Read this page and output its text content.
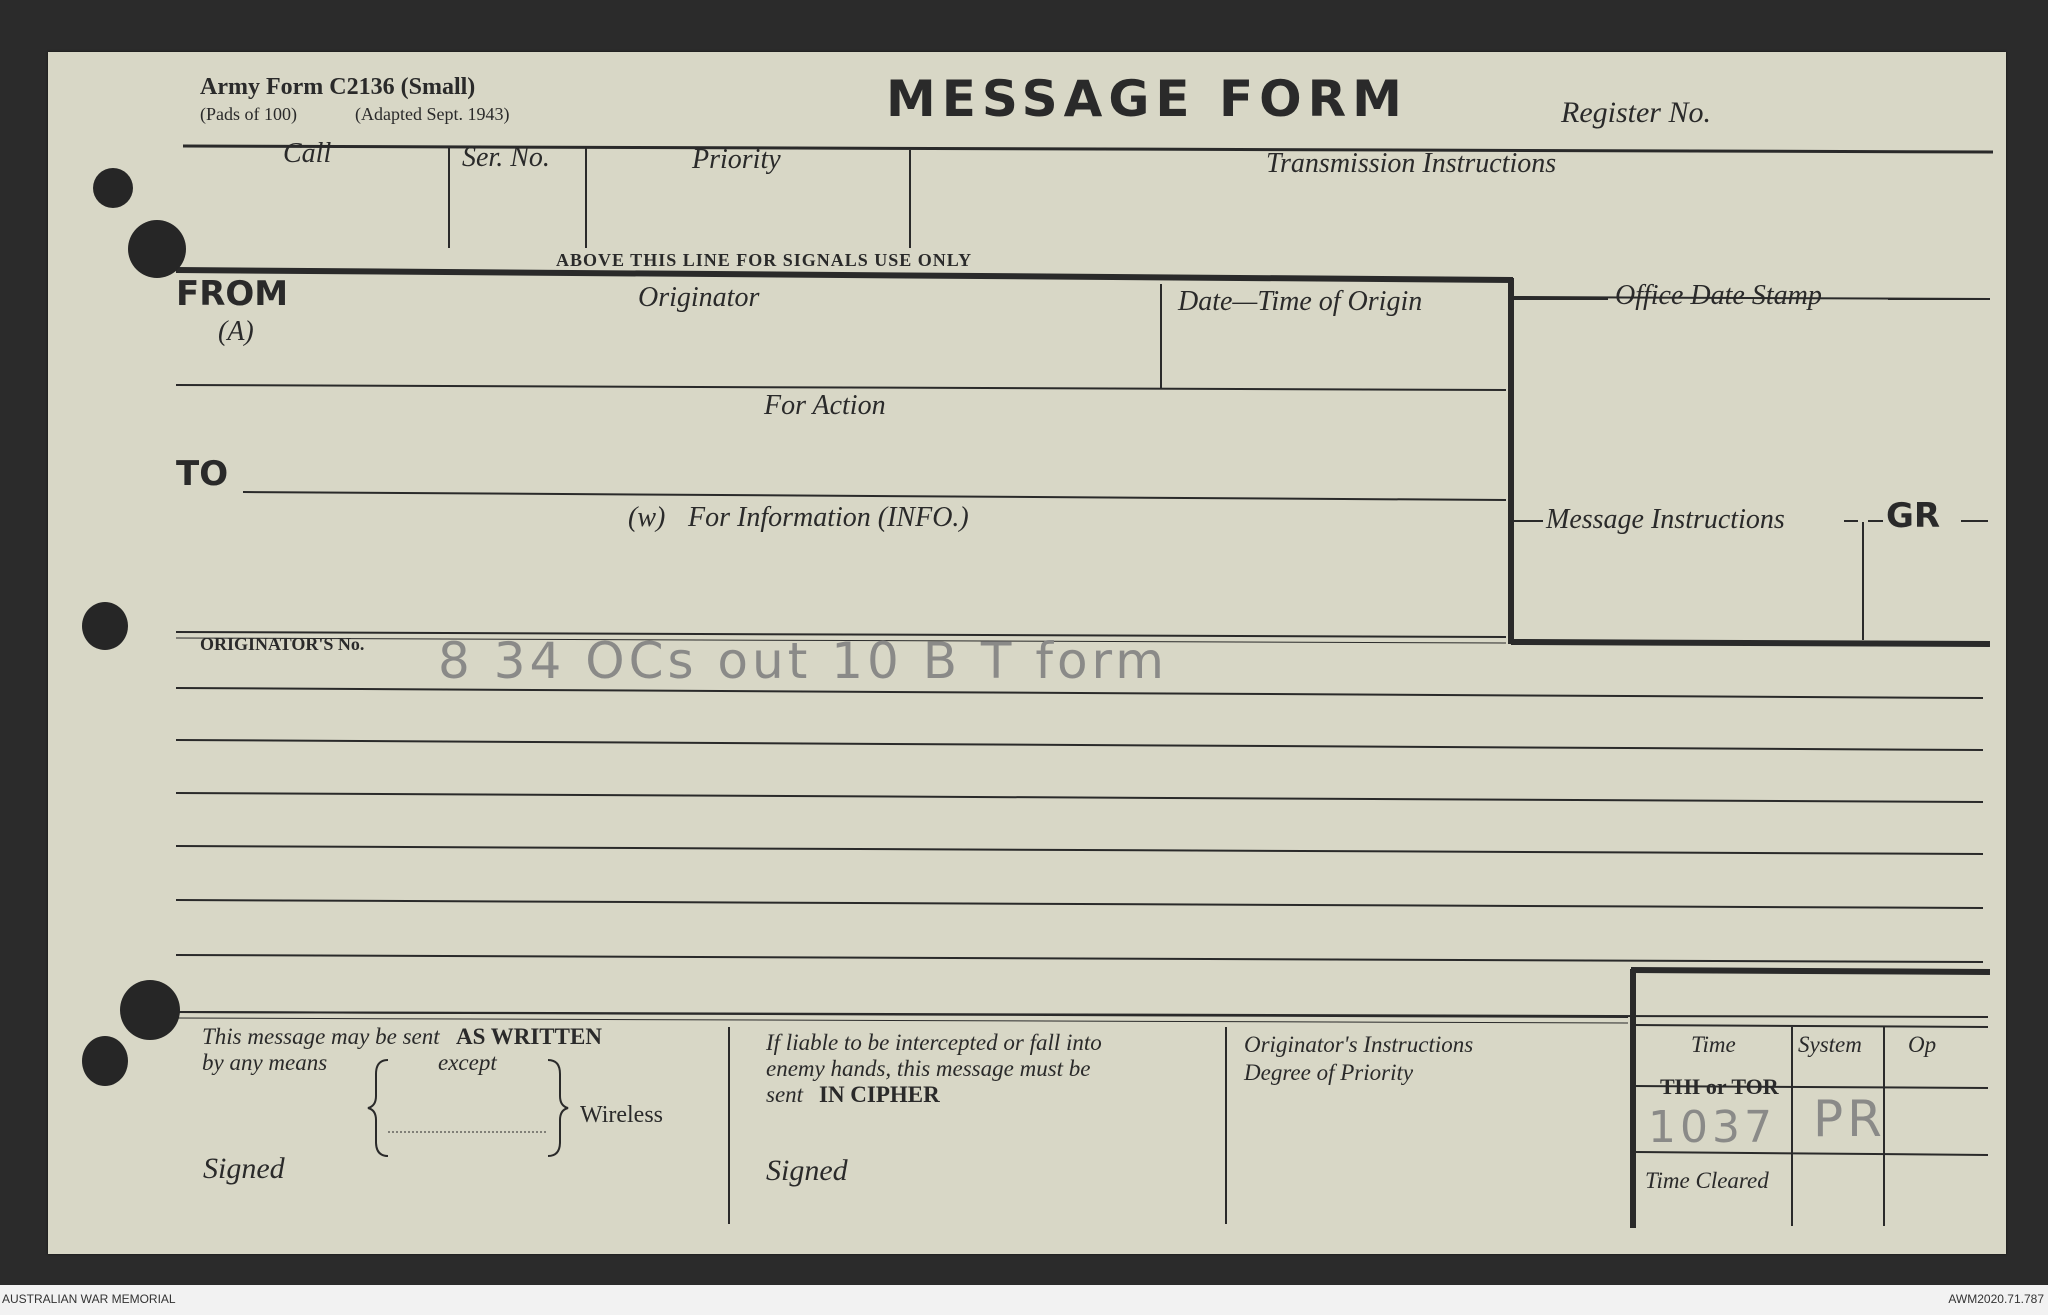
Army Form C2136 (Small)
(Pads of 100)	(Adapted Sept. 1943)	MESSAGE FORM	Register No.
Call	Ser. No.	Priority	Transmission Instructions
ABOVE THIS LINE FOR SIGNALS USE ONLY
FROM
(A)
Originator	Date—Time of Origin	Office Date Stamp
For Action
TO
(w) For Information (INFO.)	Message Instructions	GR
ORIGINATOR'S No. 8 34 OCs out 10 B T form
This message may be sent AS WRITTEN
by any means	except
Wireless
Signed
If liable to be intercepted or fall into
enemy hands, this message must be
sent IN CIPHER
Signed
Originator's Instructions
Degree of Priority
Time	System Op
THI or TOR
1037 PR
Time Cleared
AUSTRALIAN WAR MEMORIAL	AWM2020.71.787
